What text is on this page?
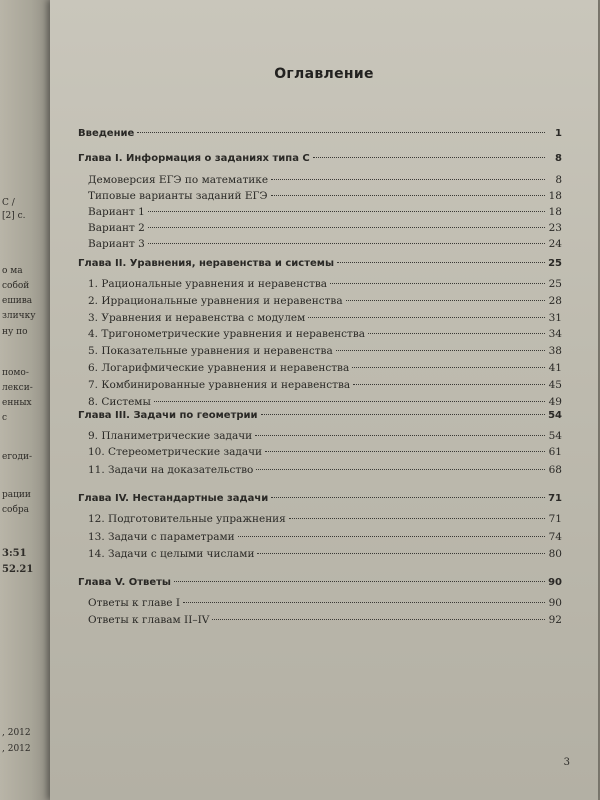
С /
[2] с.
о ма
собой
ешива
зличку
ну по
помо-
лекси-
енных
с
егоди-
рации
собра
3:51
52.21
, 2012
, 2012
Оглавление
Введение	1
Глава I. Информация о заданиях типа С	8
Демоверсия ЕГЭ по математике	8
Типовые варианты заданий ЕГЭ	18
Вариант 1	18
Вариант 2	23
Вариант 3	24
Глава II. Уравнения, неравенства и системы	25
1. Рациональные уравнения и неравенства	25
2. Иррациональные уравнения и неравенства	28
3. Уравнения и неравенства с модулем	31
4. Тригонометрические уравнения и неравенства	34
5. Показательные уравнения и неравенства	38
6. Логарифмические уравнения и неравенства	41
7. Комбинированные уравнения и неравенства	45
8. Системы	49
Глава III. Задачи по геометрии	54
9. Планиметрические задачи	54
10. Стереометрические задачи	61
11. Задачи на доказательство	68
Глава IV. Нестандартные задачи	71
12. Подготовительные упражнения	71
13. Задачи с параметрами	74
14. Задачи с целыми числами	80
Глава V. Ответы	90
Ответы к главе I	90
Ответы к главам II–IV	92
3
